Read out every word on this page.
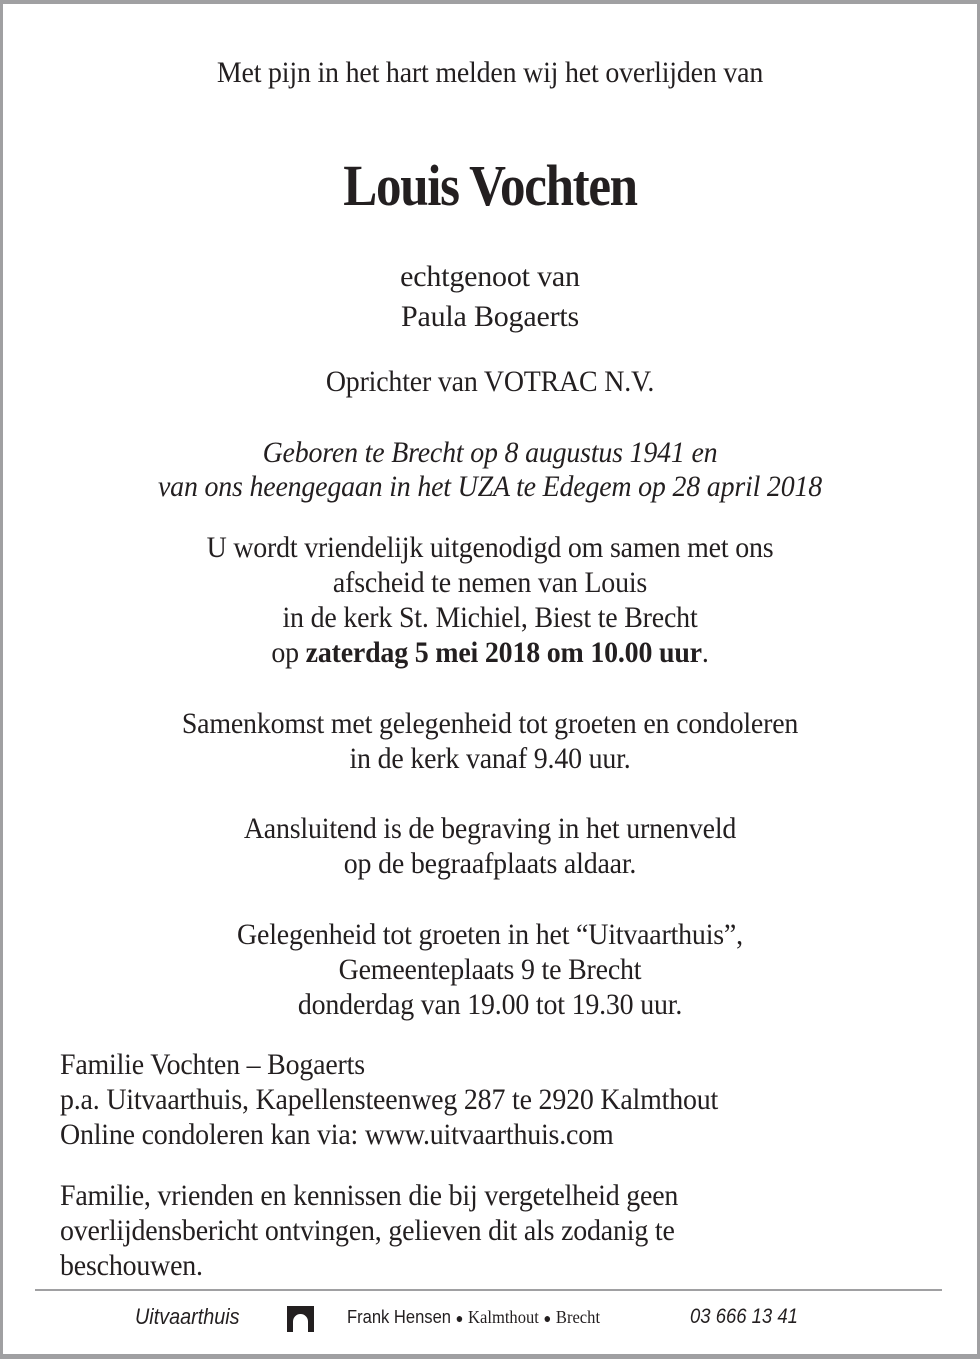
Met pijn in het hart melden wij het overlijden van
Louis Vochten
echtgenoot van
Paula Bogaerts
Oprichter van VOTRAC N.V.
Geboren te Brecht op 8 augustus 1941 en
van ons heengegaan in het UZA te Edegem op 28 april 2018
U wordt vriendelijk uitgenodigd om samen met ons
afscheid te nemen van Louis
in de kerk St. Michiel, Biest te Brecht
op zaterdag 5 mei 2018 om 10.00 uur.
Samenkomst met gelegenheid tot groeten en condoleren
in de kerk vanaf 9.40 uur.
Aansluitend is de begraving in het urnenveld
op de begraafplaats aldaar.
Gelegenheid tot groeten in het “Uitvaarthuis”,
Gemeenteplaats 9 te Brecht
donderdag van 19.00 tot 19.30 uur.
Familie Vochten – Bogaerts
p.a. Uitvaarthuis, Kapellensteenweg 287 te 2920 Kalmthout
Online condoleren kan via: www.uitvaarthuis.com
Familie, vrienden en kennissen die bij vergetelheid geen
overlijdensbericht ontvingen, gelieven dit als zodanig te
beschouwen.
Uitvaarthuis	Frank Hensen ● Kalmthout ● Brecht	03 666 13 41
